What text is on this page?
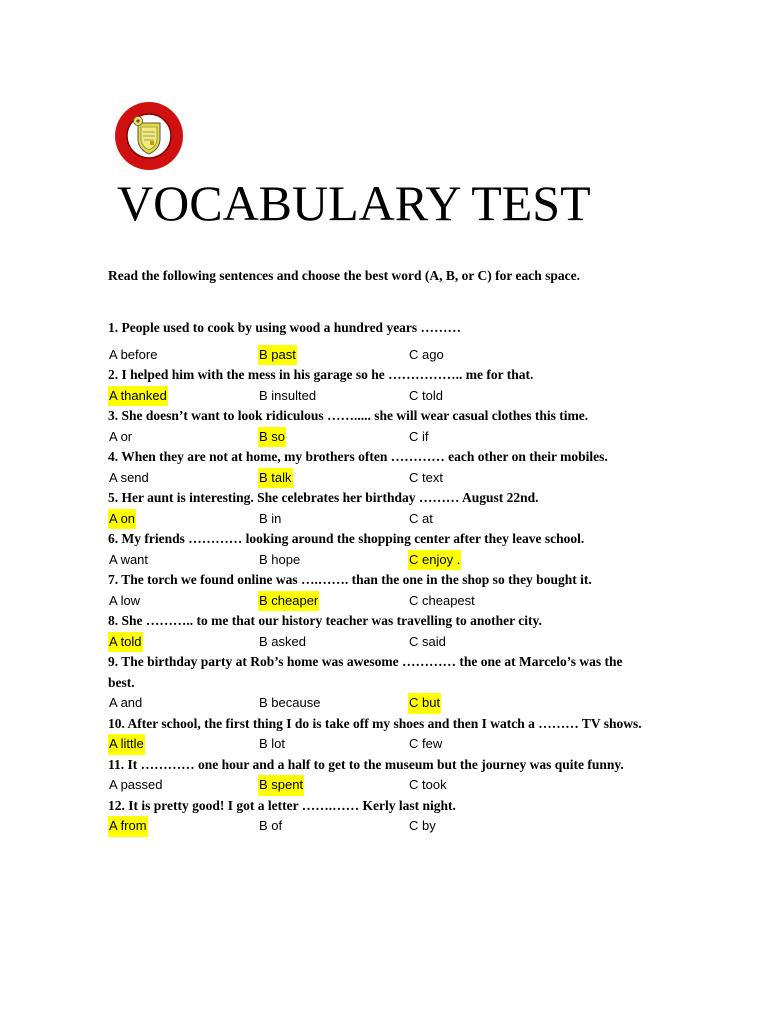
VOCABULARY TEST
Read the following sentences and choose the best word (A, B, or C) for each space.
1. People used to cook by using wood a hundred years ………
A before	B past	C ago
2. I helped him with the mess in his garage so he …………….. me for that.
A thanked	B insulted	C told
3. She doesn’t want to look ridiculous ……..... she will wear casual clothes this time.
A or	B so	C if
4. When they are not at home, my brothers often ………… each other on their mobiles.
A send	B talk	C text
5. Her aunt is interesting. She celebrates her birthday ……… August 22nd.
A on	B in	C at
6. My friends ………… looking around the shopping center after they leave school.
A want	B hope	C enjoy .
7. The torch we found online was ….……. than the one in the shop so they bought it.
A low	B cheaper	C cheapest
8. She ……….. to me that our history teacher was travelling to another city.
A told	B asked	C said
9. The birthday party at Rob’s home was awesome ………… the one at Marcelo’s was the best.
A and	B because	C but
10. After school, the first thing I do is take off my shoes and then I watch a ……… TV shows.
A little	B lot	C few
11. It ………… one hour and a half to get to the museum but the journey was quite funny.
A passed	B spent	C took
12. It is pretty good! I got a letter …….…… Kerly last night.
A from	B of	C by
